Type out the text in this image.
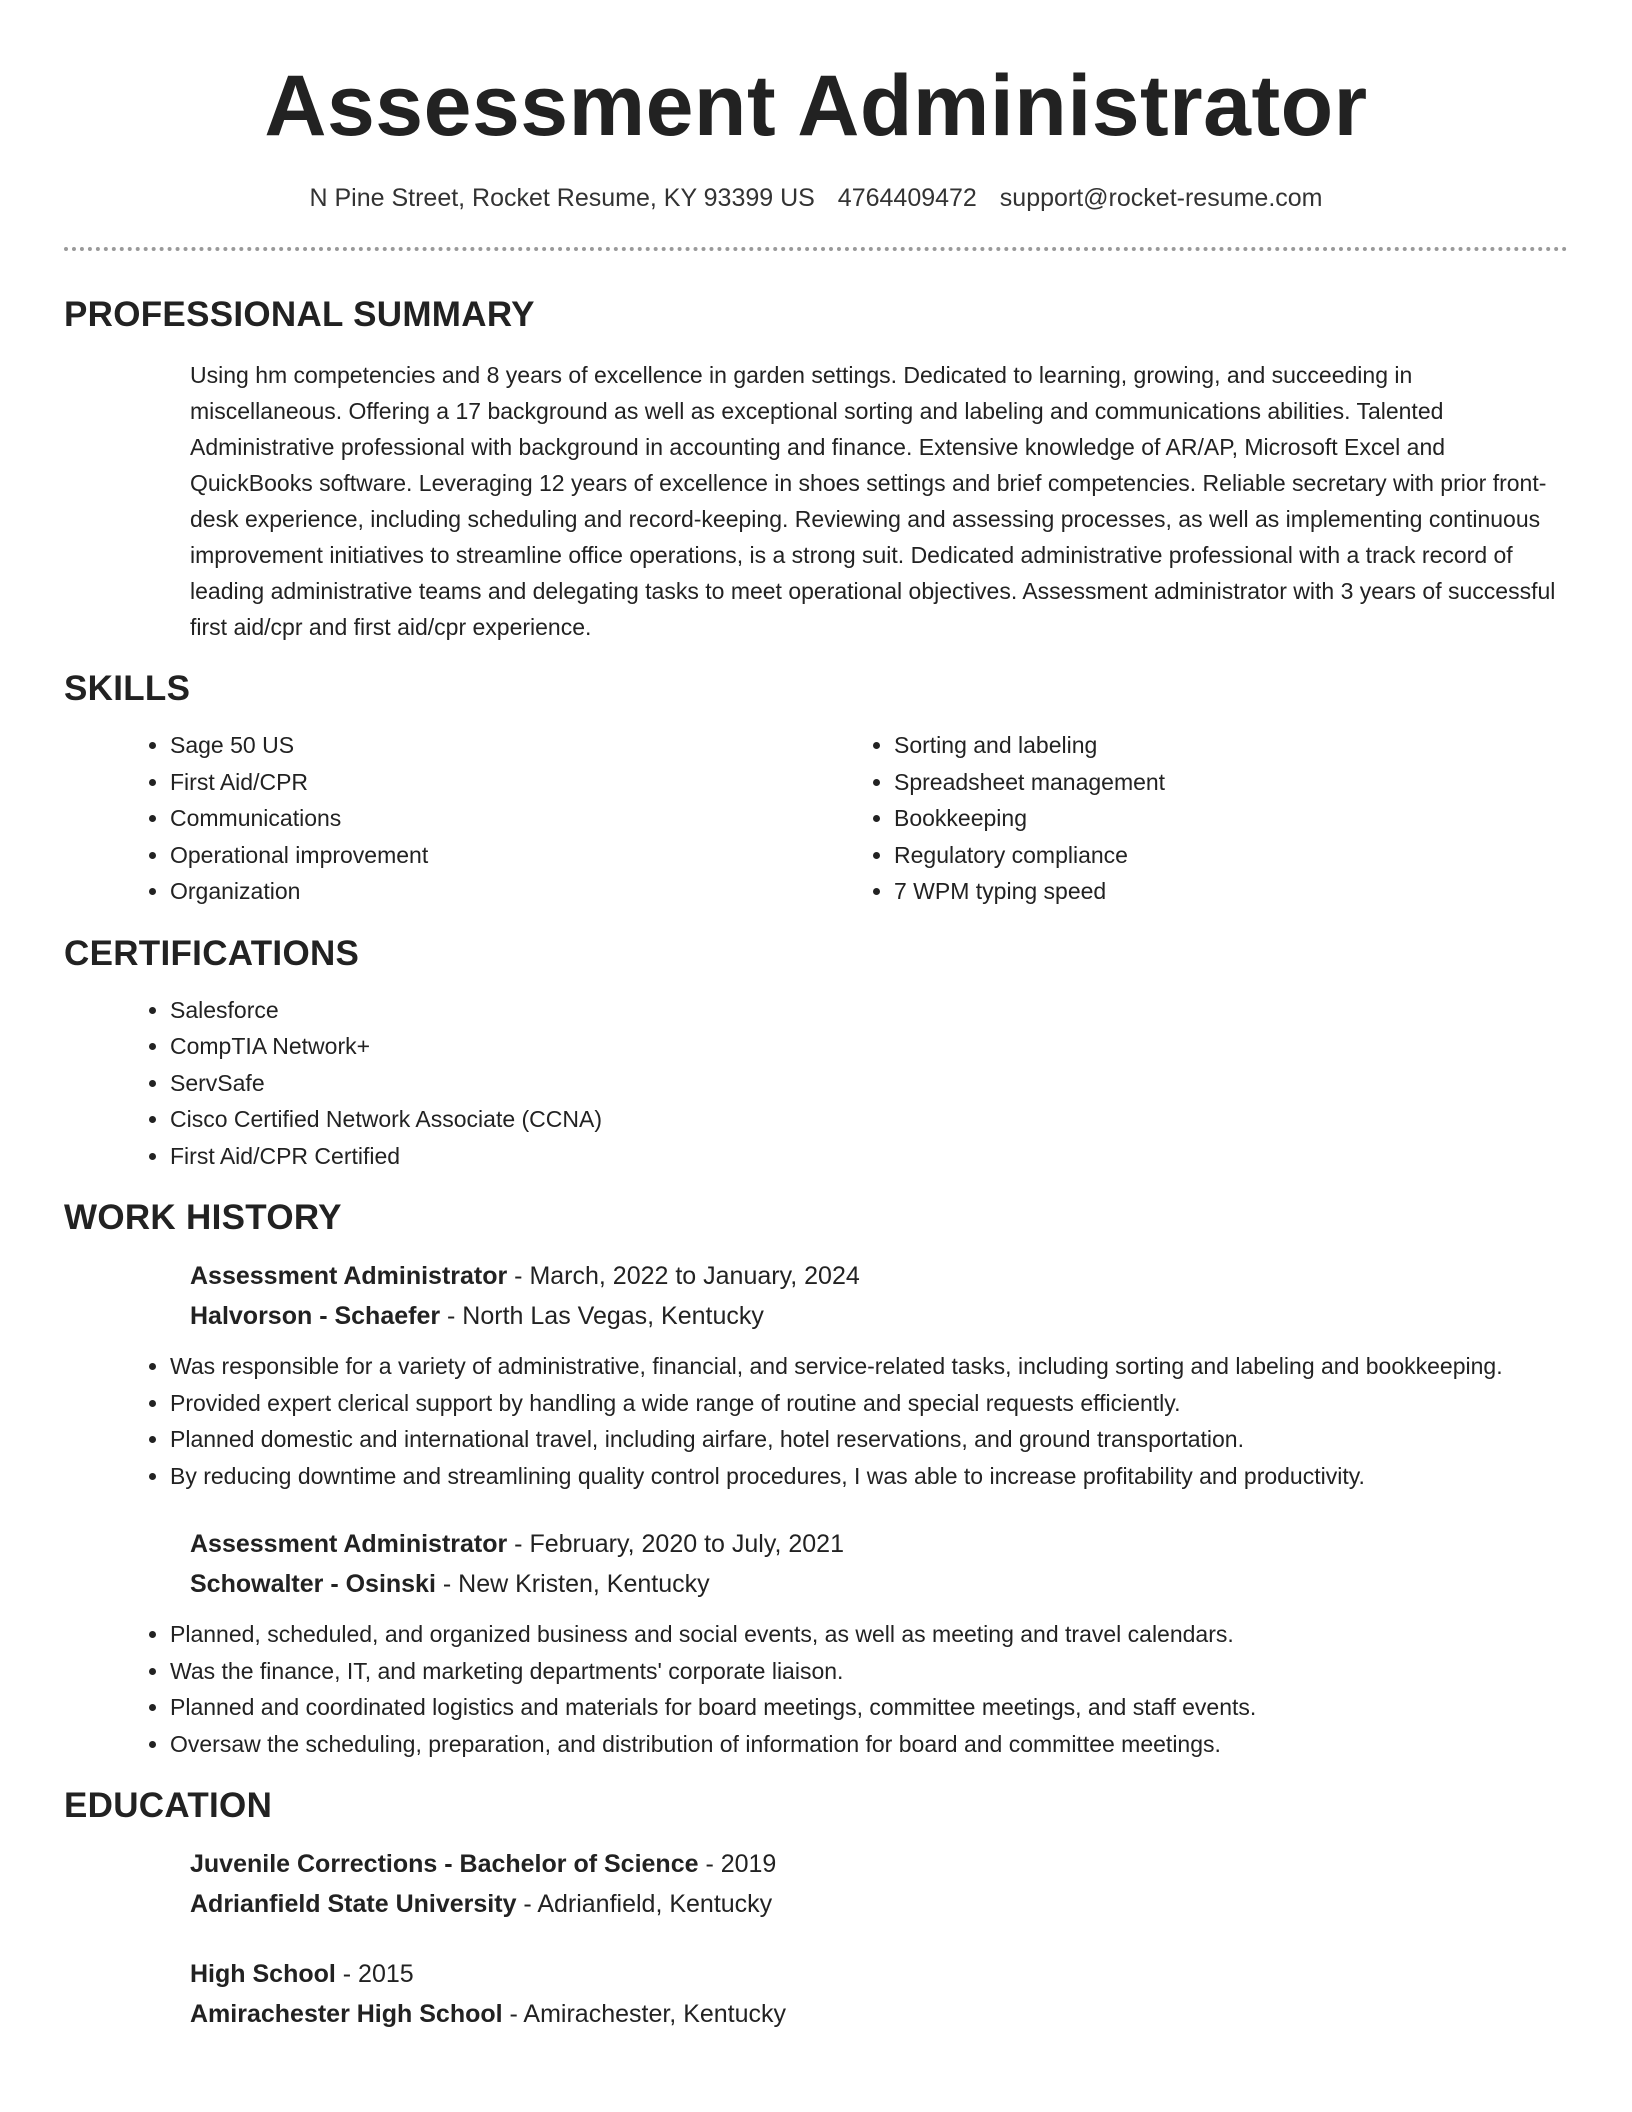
Assessment Administrator
N Pine Street, Rocket Resume, KY 93399 US 4764409472 support@rocket-resume.com
PROFESSIONAL SUMMARY

Using hm competencies and 8 years of excellence in garden settings. Dedicated to learning, growing, and succeeding in miscellaneous. Offering a 17 background as well as exceptional sorting and labeling and communications abilities. Talented Administrative professional with background in accounting and finance. Extensive knowledge of AR/AP, Microsoft Excel and QuickBooks software. Leveraging 12 years of excellence in shoes settings and brief competencies. Reliable secretary with prior front-desk experience, including scheduling and record-keeping. Reviewing and assessing processes, as well as implementing continuous improvement initiatives to streamline office operations, is a strong suit. Dedicated administrative professional with a track record of leading administrative teams and delegating tasks to meet operational objectives. Assessment administrator with 3 years of successful first aid/cpr and first aid/cpr experience.

SKILLS
• Sage 50 US
• First Aid/CPR
• Communications
• Operational improvement
• Organization
• Sorting and labeling
• Spreadsheet management
• Bookkeeping
• Regulatory compliance
• 7 WPM typing speed
CERTIFICATIONS
• Salesforce
• CompTIA Network+
• ServSafe
• Cisco Certified Network Associate (CCNA)
• First Aid/CPR Certified
WORK HISTORY
Assessment Administrator - March, 2022 to January, 2024
Halvorson - Schaefer - North Las Vegas, Kentucky
• Was responsible for a variety of administrative, financial, and service-related tasks, including sorting and labeling and bookkeeping.
• Provided expert clerical support by handling a wide range of routine and special requests efficiently.
• Planned domestic and international travel, including airfare, hotel reservations, and ground transportation.
• By reducing downtime and streamlining quality control procedures, I was able to increase profitability and productivity.
Assessment Administrator - February, 2020 to July, 2021
Schowalter - Osinski - New Kristen, Kentucky
• Planned, scheduled, and organized business and social events, as well as meeting and travel calendars.
• Was the finance, IT, and marketing departments' corporate liaison.
• Planned and coordinated logistics and materials for board meetings, committee meetings, and staff events.
• Oversaw the scheduling, preparation, and distribution of information for board and committee meetings.
EDUCATION
Juvenile Corrections - Bachelor of Science - 2019
Adrianfield State University - Adrianfield, Kentucky
High School - 2015
Amirachester High School - Amirachester, Kentucky
